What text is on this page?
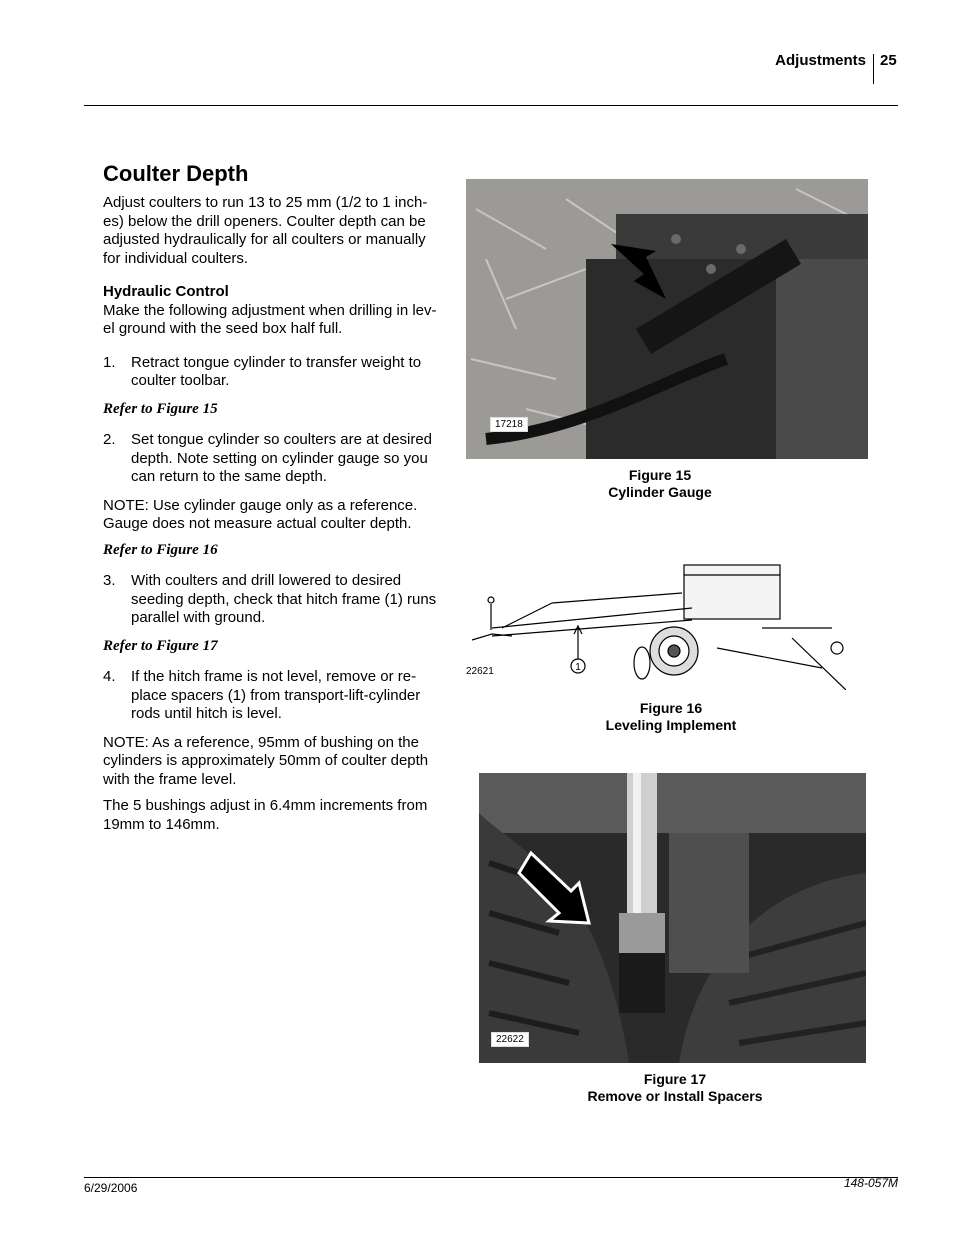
Adjustments 25
Coulter Depth

Adjust coulters to run 13 to 25 mm (1/2 to 1 inch-es) below the drill openers. Coulter depth can be adjusted hydraulically for all coulters or manually for individual coulters.

Hydraulic Control

Make the following adjustment when drilling in lev-el ground with the seed box half full.

1.	Retract tongue cylinder to transfer weight to coulter toolbar.

Refer to Figure 15

2.	Set tongue cylinder so coulters are at desired depth. Note setting on cylinder gauge so you can return to the same depth.

NOTE: Use cylinder gauge only as a reference. Gauge does not measure actual coulter depth.

Refer to Figure 16

3.	With coulters and drill lowered to desired seeding depth, check that hitch frame (1) runs parallel with ground.

Refer to Figure 17

4.	If the hitch frame is not level, remove or re-place spacers (1) from transport-lift-cylinder rods until hitch is level.

NOTE: As a reference, 95mm of bushing on the cylinders is approximately 50mm of coulter depth with the frame level.

The 5 bushings adjust in 6.4mm increments from 19mm to 146mm.

17218
Figure 15
Cylinder Gauge
1
22621
Figure 16
Leveling Implement
22622
Figure 17
Remove or Install Spacers
6/29/2006	148-057M
